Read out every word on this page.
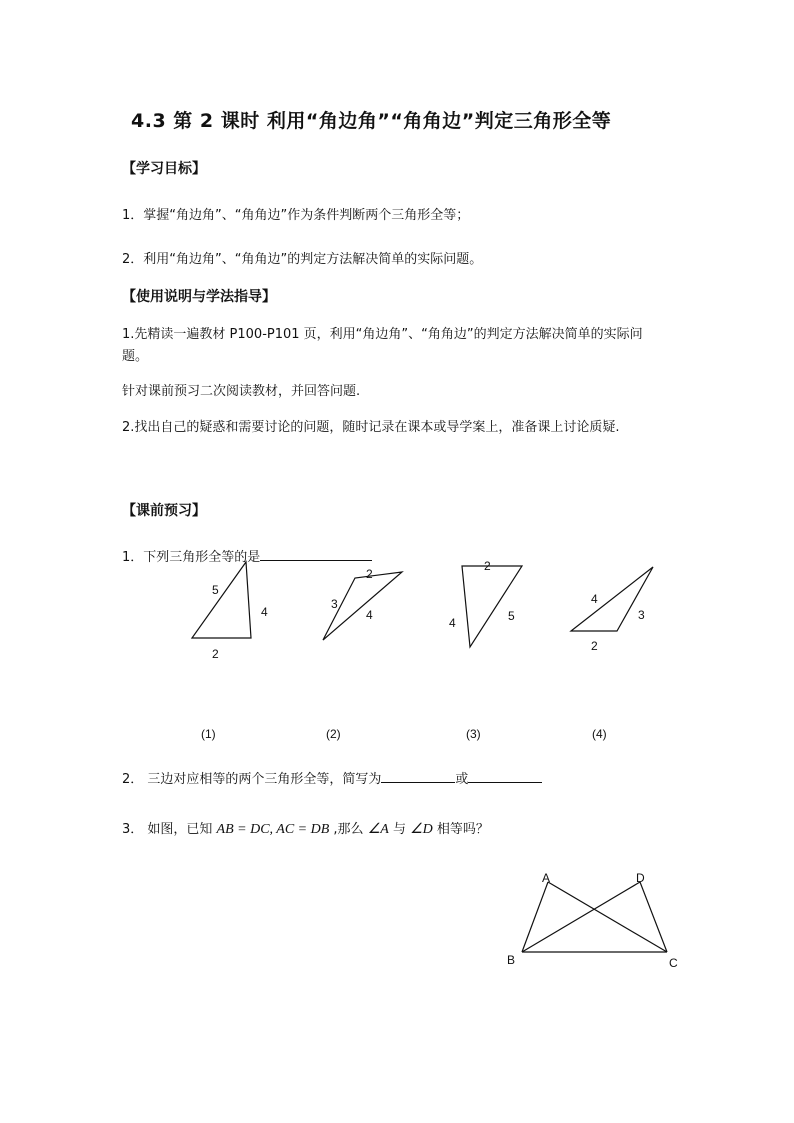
4.3 第 2 课时 利用“角边角”“角角边”判定三角形全等
【学习目标】
1．掌握“角边角”、“角角边”作为条件判断两个三角形全等；
2．利用“角边角”、“角角边”的判定方法解决简单的实际问题。
【使用说明与学法指导】
1.先精读一遍教材 P100-P101 页，利用“角边角”、“角角边”的判定方法解决简单的实际问
题。
针对课前预习二次阅读教材，并回答问题.
2.找出自己的疑惑和需要讨论的问题，随时记录在课本或导学案上，准备课上讨论质疑.
【课前预习】
1．下列三角形全等的是
5
4
2
2
3
4
2
4	5
4
3
2
(1)	(2)	(3)	(4)
2． 三边对应相等的两个三角形全等，简写为	或
3． 如图，已知 AB = DC, AC = DB ,那么 ∠A 与 ∠D 相等吗？
A	D
B	C
